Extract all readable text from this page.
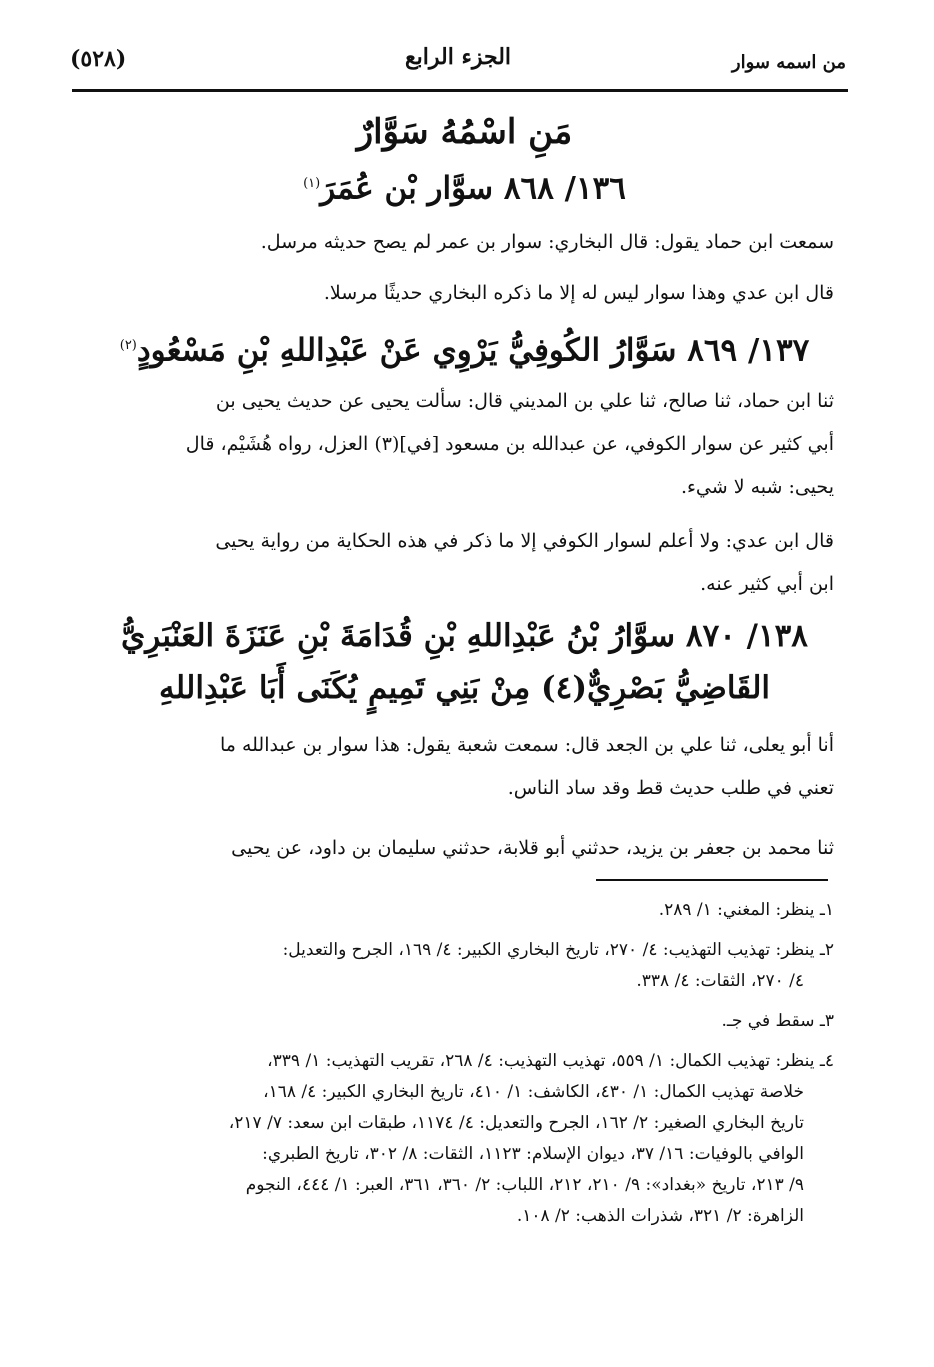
(٥٢٨)	الجزء الرابع	من اسمه سوار
مَنِ اسْمُهُ سَوَّارٌ
١٣٦/ ٨٦٨ سوَّار بْن عُمَرَ$^{(١)}$
سمعت ابن حماد يقول: قال البخاري: سوار بن عمر لم يصح حديثه مرسل.
قال ابن عدي وهذا سوار ليس له إلا ما ذكره البخاري حديثًا مرسلا.
١٣٧/ ٨٦٩ سَوَّارُ الكُوفِيُّ يَرْوِي عَنْ عَبْدِاللهِ بْنِ مَسْعُودٍ$^{(٢)}$
ثنا ابن حماد، ثنا صالح، ثنا علي بن المديني قال: سألت يحيى عن حديث يحيى بن
أبي كثير عن سوار الكوفي، عن عبدالله بن مسعود [في](٣) العزل، رواه هُشَيْم، قال
يحيى: شبه لا شيء.
قال ابن عدي: ولا أعلم لسوار الكوفي إلا ما ذكر في هذه الحكاية من رواية يحيى
ابن أبي كثير عنه.
١٣٨/ ٨٧٠ سوَّارُ بْنُ عَبْدِاللهِ بْنِ قُدَامَةَ بْنِ عَنَزَةَ العَنْبَرِيُّ
القَاضِيُّ بَصْرِيٌّ(٤) مِنْ بَنِي تَمِيمٍ يُكَنَى أَبَا عَبْدِاللهِ
أنا أبو يعلى، ثنا علي بن الجعد قال: سمعت شعبة يقول: هذا سوار بن عبدالله ما
تعني في طلب حديث قط وقد ساد الناس.
ثنا محمد بن جعفر بن يزيد، حدثني أبو قلابة، حدثني سليمان بن داود، عن يحيى
١ـ ينظر: المغني: ١/ ٢٨٩.
٢ـ ينظر: تهذيب التهذيب: ٤/ ٢٧٠، تاريخ البخاري الكبير: ٤/ ١٦٩، الجرح والتعديل:
٤/ ٢٧٠، الثقات: ٤/ ٣٣٨.
٣ـ سقط في جـ.
٤ـ ينظر: تهذيب الكمال: ١/ ٥٥٩، تهذيب التهذيب: ٤/ ٢٦٨، تقريب التهذيب: ١/ ٣٣٩،
خلاصة تهذيب الكمال: ١/ ٤٣٠، الكاشف: ١/ ٤١٠، تاريخ البخاري الكبير: ٤/ ١٦٨،
تاريخ البخاري الصغير: ٢/ ١٦٢، الجرح والتعديل: ٤/ ١١٧٤، طبقات ابن سعد: ٧/ ٢١٧،
الوافي بالوفيات: ١٦/ ٣٧، ديوان الإسلام: ١١٢٣، الثقات: ٨/ ٣٠٢، تاريخ الطبري:
٩/ ٢١٣، تاريخ «بغداد»: ٩/ ٢١٠، ٢١٢، اللباب: ٢/ ٣٦٠، ٣٦١، العبر: ١/ ٤٤٤، النجوم
الزاهرة: ٢/ ٣٢١، شذرات الذهب: ٢/ ١٠٨.
